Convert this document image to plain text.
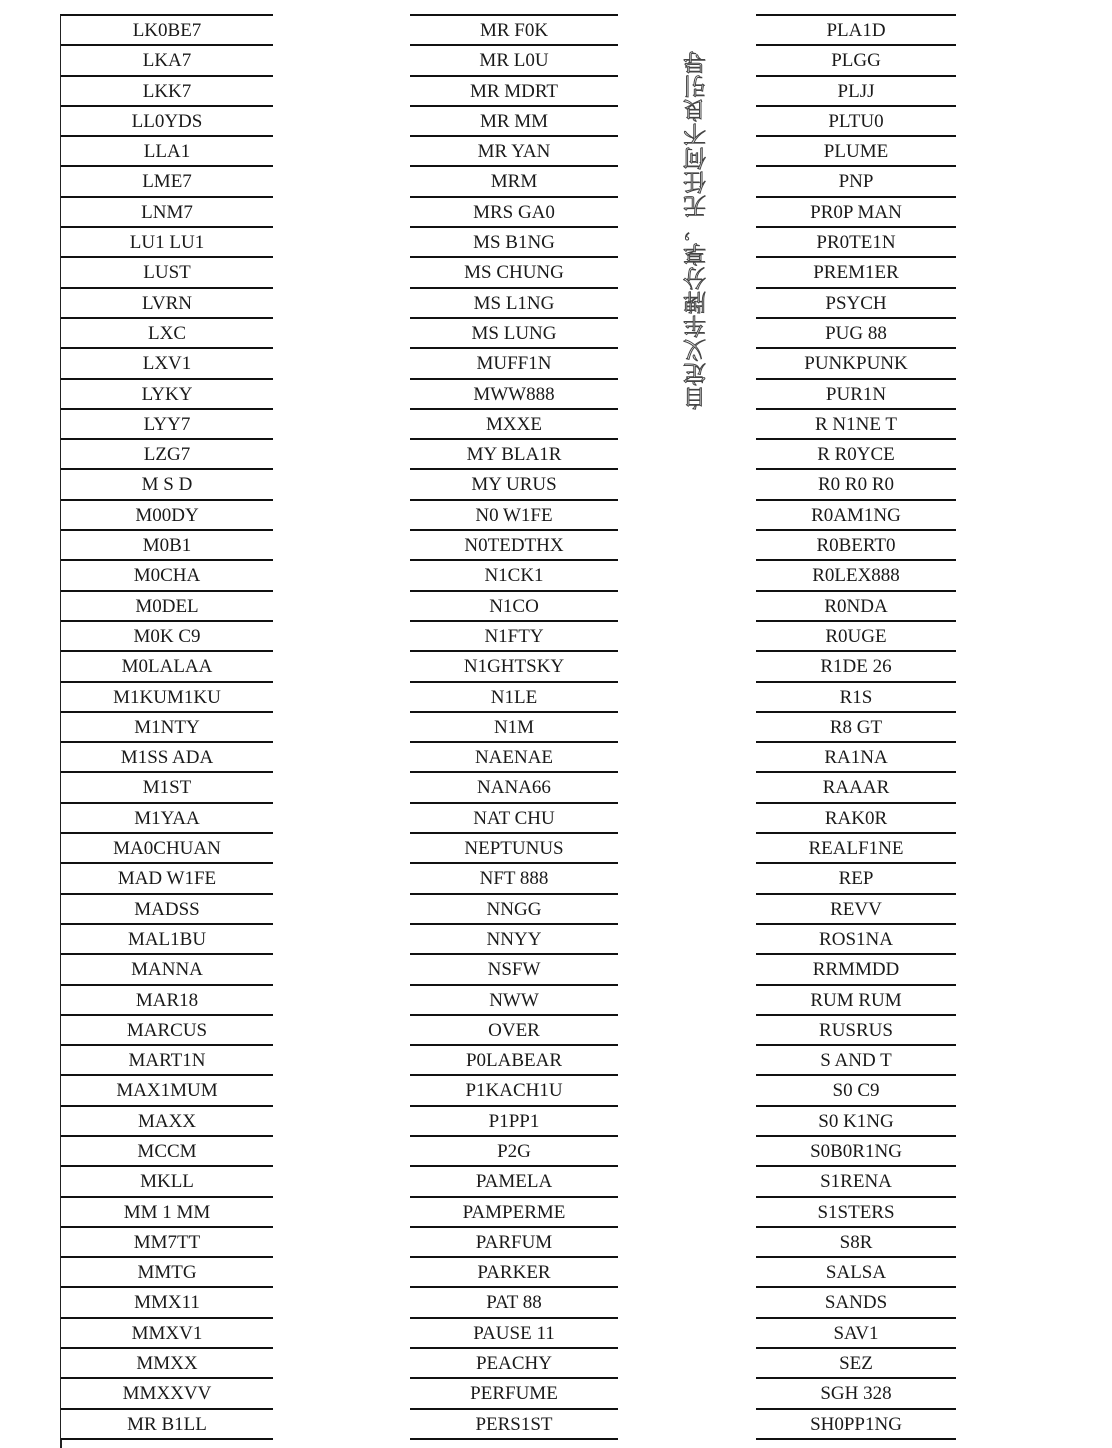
LK0BE7
LKA7
LKK7
LL0YDS
LLA1
LME7
LNM7
LU1 LU1
LUST
LVRN
LXC
LXV1
LYKY
LYY7
LZG7
M S D
M00DY
M0B1
M0CHA
M0DEL
M0K C9
M0LALAA
M1KUM1KU
M1NTY
M1SS ADA
M1ST
M1YAA
MA0CHUAN
MAD W1FE
MADSS
MAL1BU
MANNA
MAR18
MARCUS
MART1N
MAX1MUM
MAXX
MCCM
MKLL
MM 1 MM
MM7TT
MMTG
MMX11
MMXV1
MMXX
MMXXVV
MR B1LL
MR F0K
MR L0U
MR MDRT
MR MM
MR YAN
MRM
MRS GA0
MS B1NG
MS CHUNG
MS L1NG
MS LUNG
MUFF1N
MWW888
MXXE
MY BLA1R
MY URUS
N0 W1FE
N0TEDTHX
N1CK1
N1CO
N1FTY
N1GHTSKY
N1LE
N1M
NAENAE
NANA66
NAT CHU
NEPTUNUS
NFT 888
NNGG
NNYY
NSFW
NWW
OVER
P0LABEAR
P1KACH1U
P1PP1
P2G
PAMELA
PAMPERME
PARFUM
PARKER
PAT 88
PAUSE 11
PEACHY
PERFUME
PERS1ST
PLA1D
PLGG
PLJJ
PLTU0
PLUME
PNP
PR0P MAN
PR0TE1N
PREM1ER
PSYCH
PUG 88
PUNKPUNK
PUR1N
R N1NE T
R R0YCE
R0 R0 R0
R0AM1NG
R0BERT0
R0LEX888
R0NDA
R0UGE
R1DE 26
R1S
R8 GT
RA1NA
RAAAR
RAK0R
REALF1NE
REP
REVV
ROS1NA
RRMMDD
RUM RUM
RUSRUS
S AND T
S0 C9
S0 K1NG
S0B0R1NG
S1RENA
S1STERS
S8R
SALSA
SANDS
SAV1
SEZ
SGH 328
SH0PP1NG
自定义车牌分享，无任何不良引导
